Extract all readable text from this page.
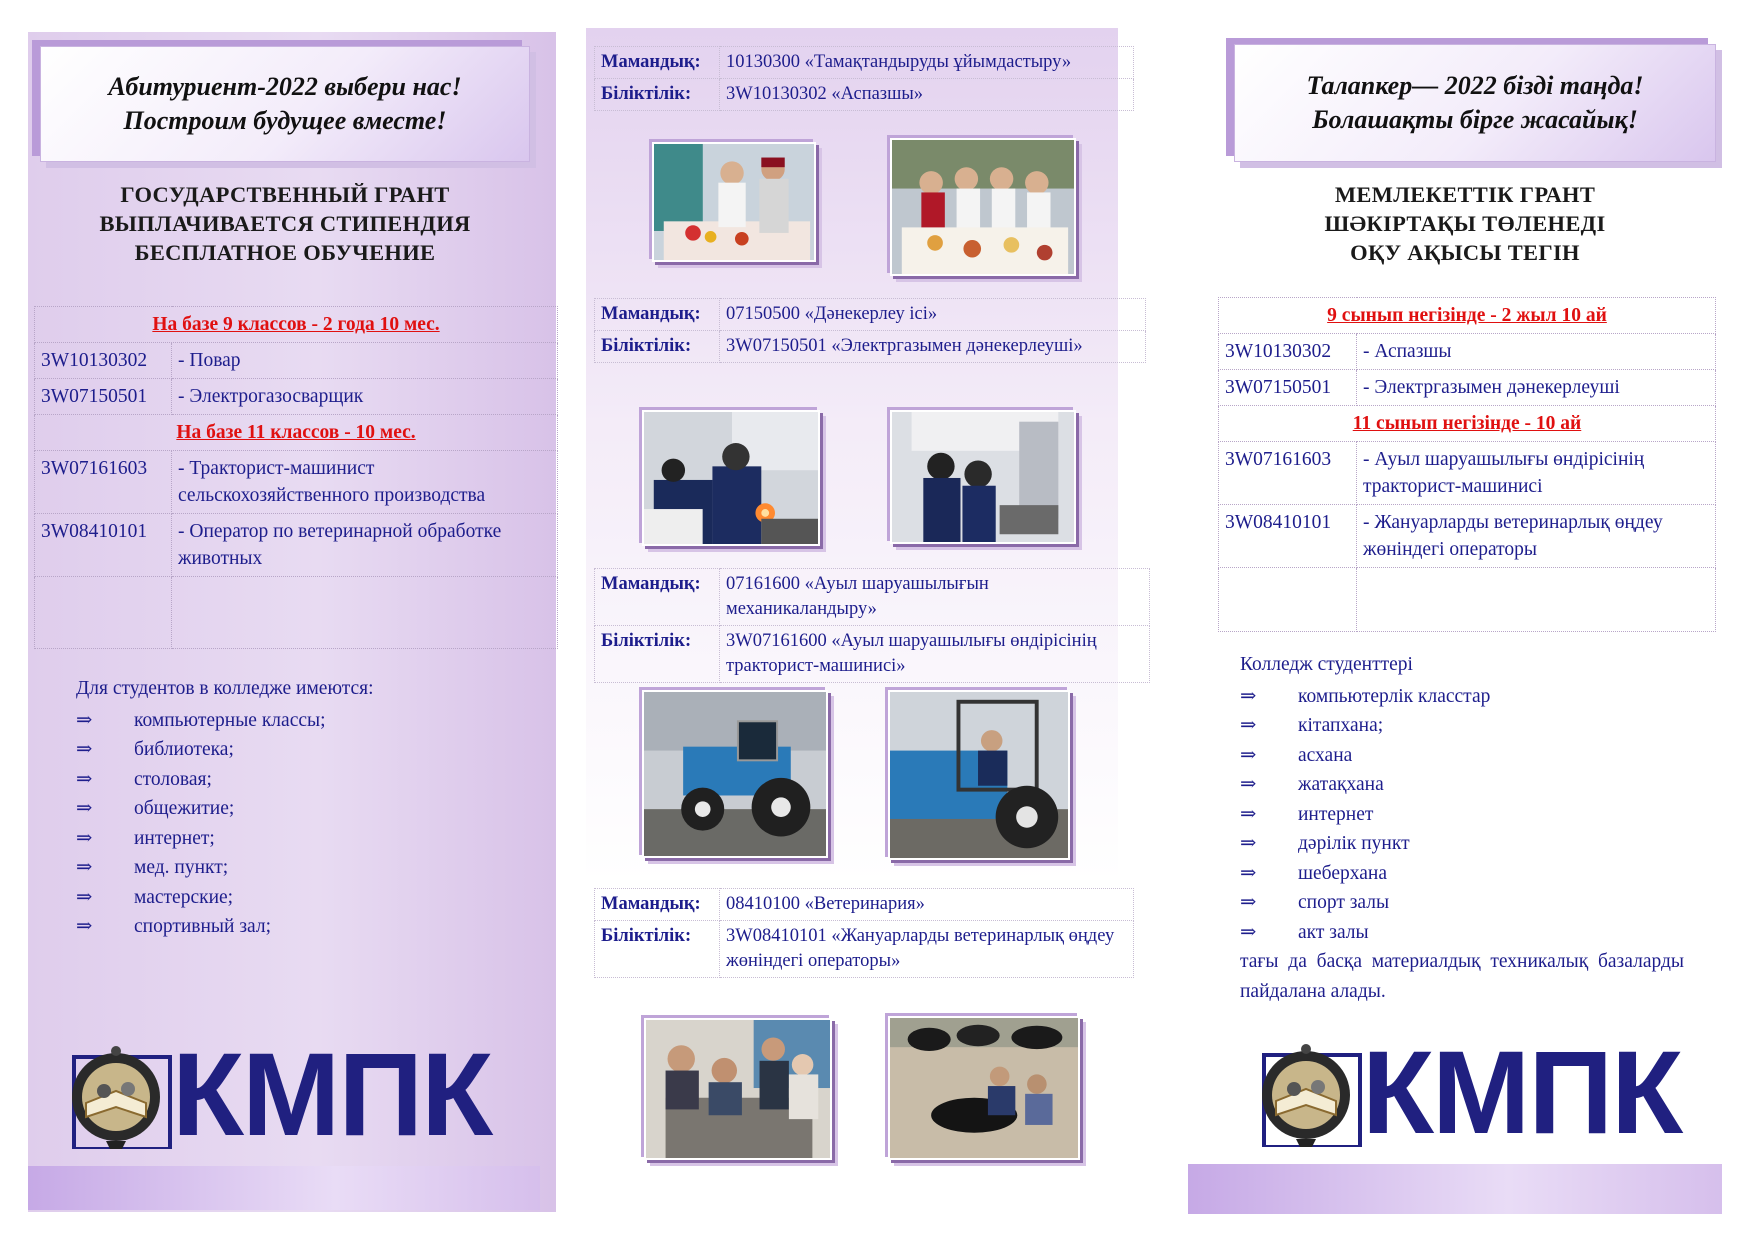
Абитуриент-2022 выбери нас!
Построим будущее вместе!
ГОСУДАРСТВЕННЫЙ ГРАНТ
ВЫПЛАЧИВАЕТСЯ СТИПЕНДИЯ
БЕСПЛАТНОЕ ОБУЧЕНИЕ
На базе 9 классов - 2 года 10 мес.	
3W10130302	- Повар
3W07150501	- Электрогазосварщик
На базе 11 классов - 10 мес.	
3W07161603	- Тракторист-машинист сельскохозяйственного производства
3W08410101	- Оператор по ветеринарной обработке животных

Для студентов в колледже имеются:
⇒	компьютерные классы;
⇒	библиотека;
⇒	столовая;
⇒	общежитие;
⇒	интернет;
⇒	мед. пункт;
⇒	мастерские;
⇒	спортивный зал;
КМПК
Мамандық:	10130300 «Тамақтандыруды ұйымдастыру»
Біліктілік:	3W10130302 «Аспазшы»
Мамандық:	07150500 «Дәнекерлеу ісі»
Біліктілік:	3W07150501 «Электргазымен дәнекерлеуші»
Мамандық:	07161600 «Ауыл шаруашылығын механикаландыру»
Біліктілік:	3W07161600 «Ауыл шаруашылығы өндірісінің тракторист-машинисі»
Мамандық:	08410100 «Ветеринария»
Біліктілік:	3W08410101 «Жануарларды ветеринарлық өңдеу жөніндегі операторы»
Талапкер— 2022 бізді таңда!
Болашақты бірге жасайық!
МЕМЛЕКЕТТІК ГРАНТ
ШӘКІРТАҚЫ ТӨЛЕНЕДІ
ОҚУ АҚЫСЫ ТЕГІН
9 сынып негізінде - 2 жыл 10 ай	
3W10130302	- Аспазшы
3W07150501	- Электргазымен дәнекерлеуші
11 сынып негізінде - 10 ай	
3W07161603	- Ауыл шаруашылығы өндірісінің тракторист-машинисі
3W08410101	- Жануарларды ветеринарлық өңдеу жөніндегі операторы

Колледж студенттері
⇒	компьютерлік класстар
⇒	кітапхана;
⇒	асхана
⇒	жатақхана
⇒	интернет
⇒	дәрілік пункт
⇒	шеберхана
⇒	спорт залы
⇒	акт залы
тағы да басқа материалдық техникалық базаларды пайдалана алады.
КМПК
